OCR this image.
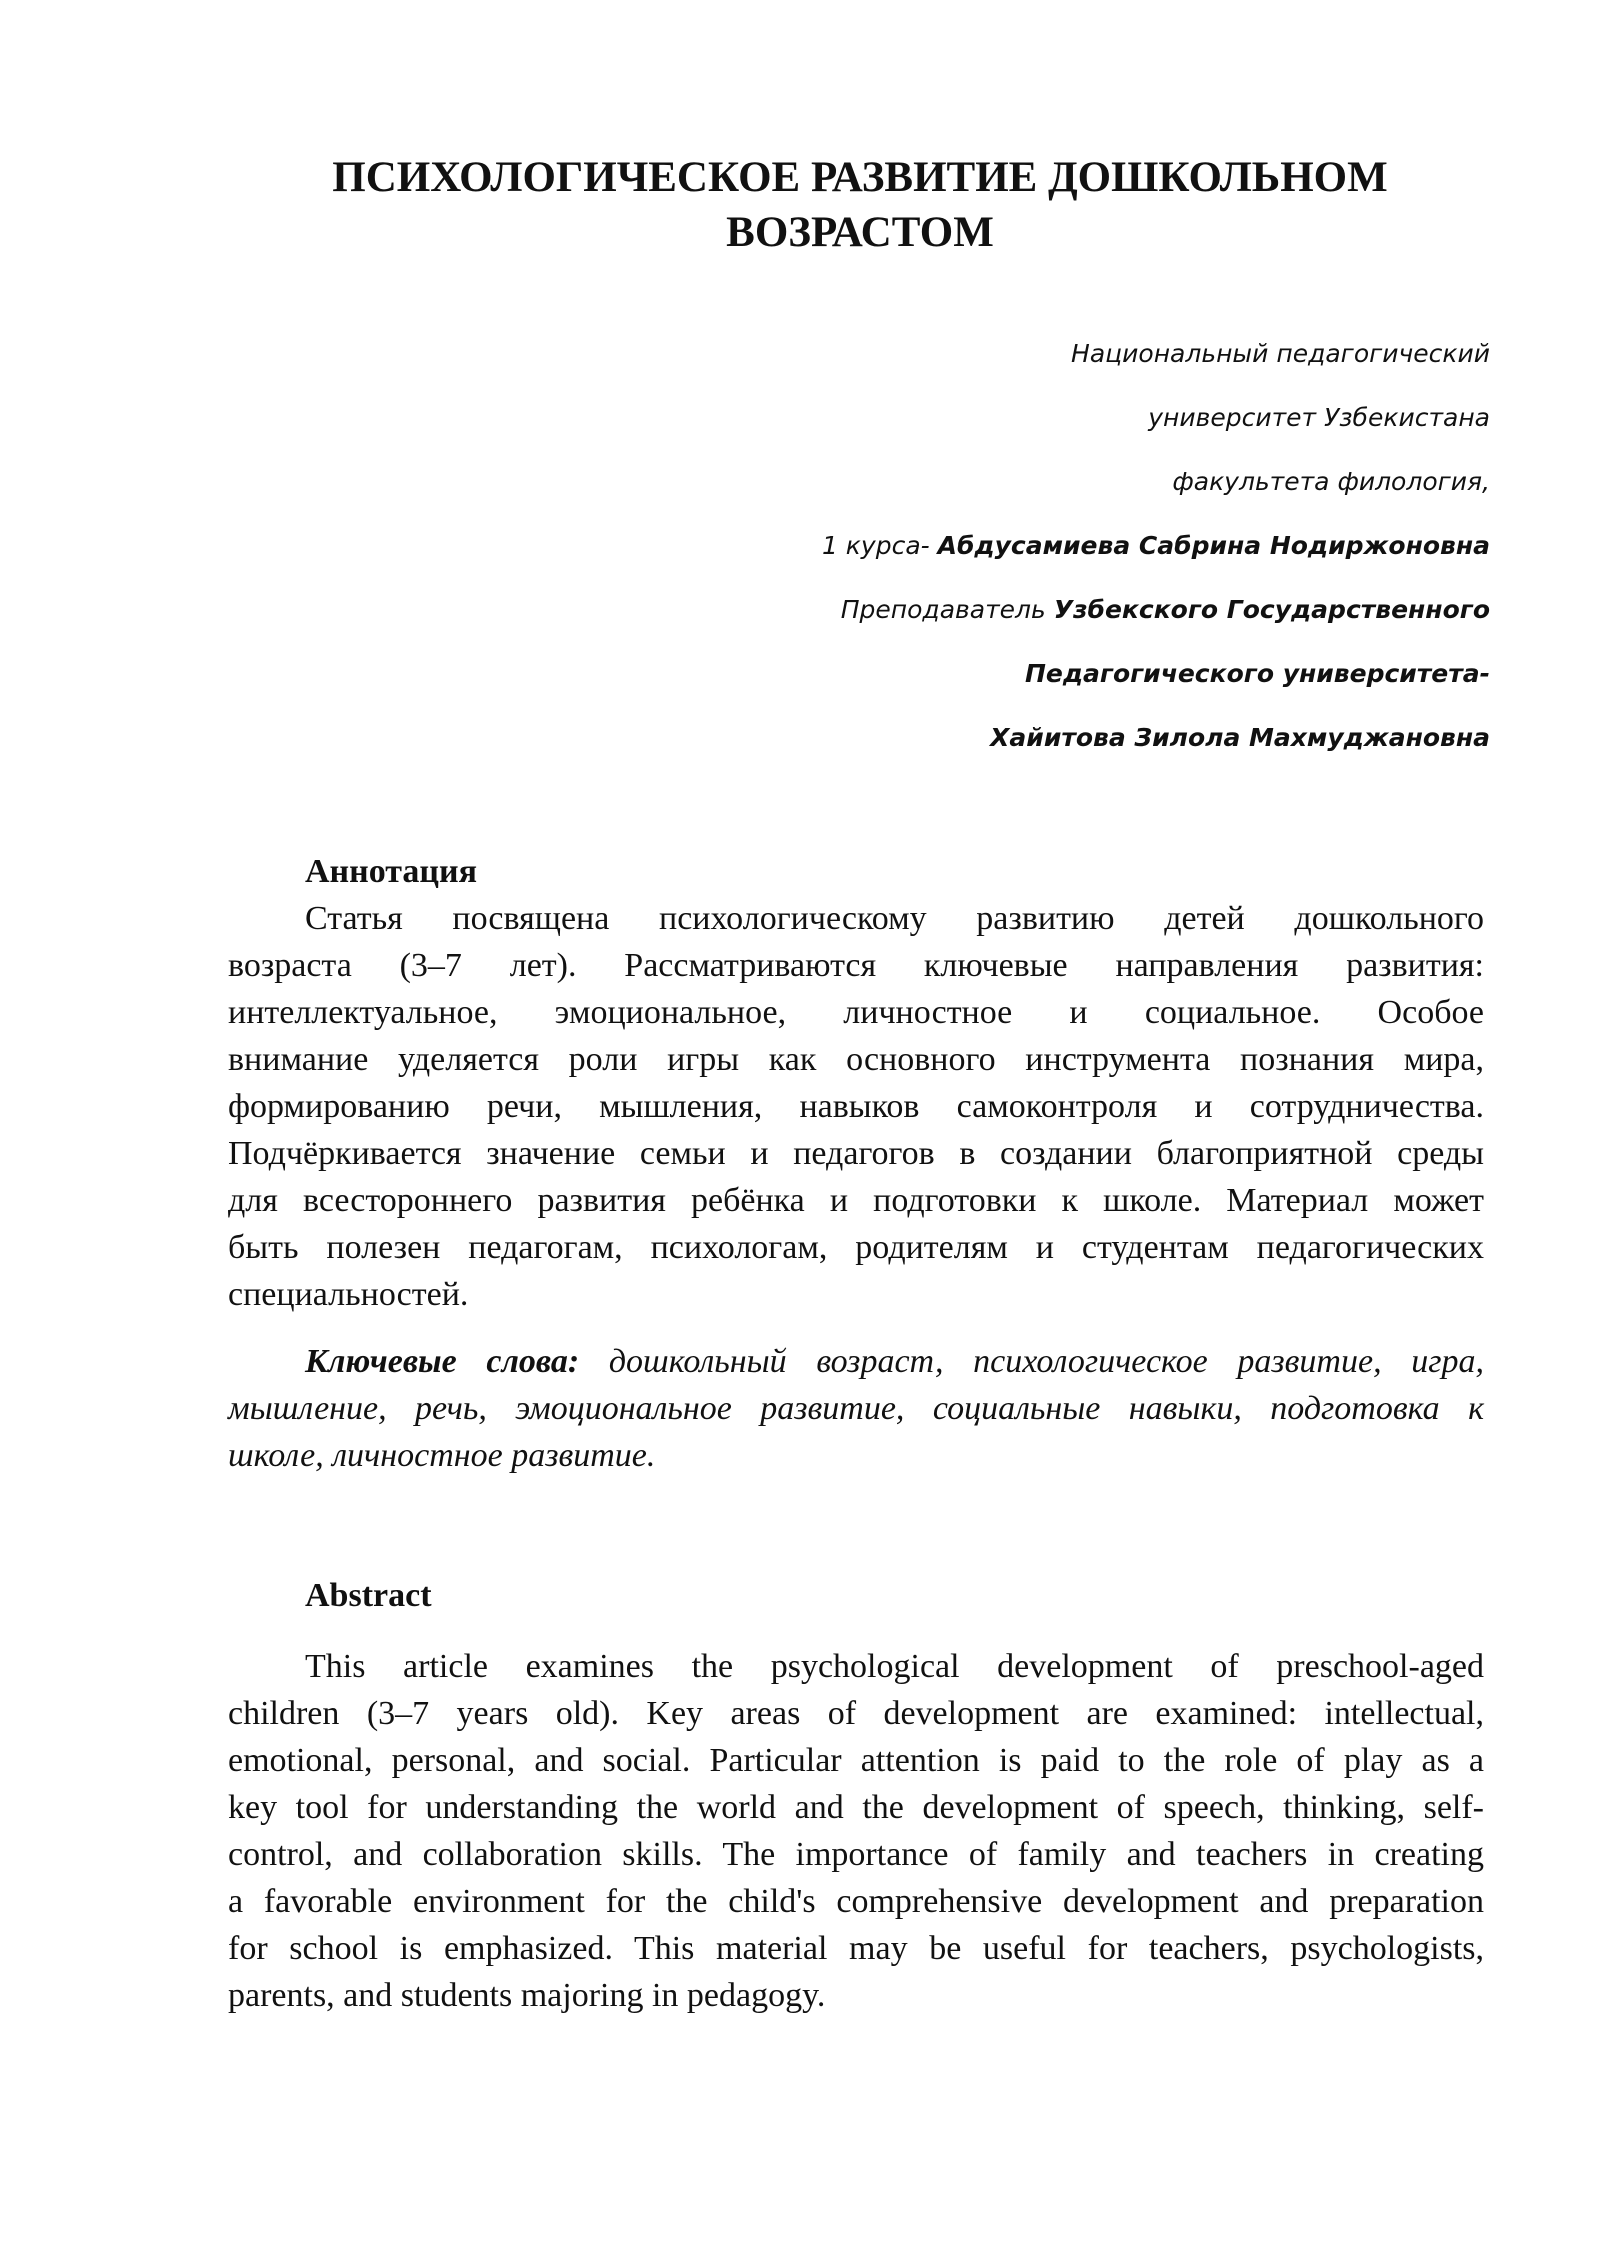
ПСИХОЛОГИЧЕСКОЕ РАЗВИТИЕ ДОШКОЛЬНОМ
ВОЗРАСТОМ
Национальный педагогический
университет Узбекистана
факультета филология,
1 курса- Абдусамиева Сабрина Нодиржоновна
Преподаватель Узбекского Государственного
Педагогического университета-
Хайитова Зилола Махмуджановна
Аннотация
Статья посвящена психологическому развитию детей дошкольного
возраста (3–7 лет). Рассматриваются ключевые направления развития:
интеллектуальное, эмоциональное, личностное и социальное. Особое
внимание уделяется роли игры как основного инструмента познания мира,
формированию речи, мышления, навыков самоконтроля и сотрудничества.
Подчёркивается значение семьи и педагогов в создании благоприятной среды
для всестороннего развития ребёнка и подготовки к школе. Материал может
быть полезен педагогам, психологам, родителям и студентам педагогических
специальностей.
Ключевые слова: дошкольный возраст, психологическое развитие, игра,
мышление, речь, эмоциональное развитие, социальные навыки, подготовка к
школе, личностное развитие.
Abstract
This article examines the psychological development of preschool-aged
children (3–7 years old). Key areas of development are examined: intellectual,
emotional, personal, and social. Particular attention is paid to the role of play as a
key tool for understanding the world and the development of speech, thinking, self-
control, and collaboration skills. The importance of family and teachers in creating
a favorable environment for the child's comprehensive development and preparation
for school is emphasized. This material may be useful for teachers, psychologists,
parents, and students majoring in pedagogy.
